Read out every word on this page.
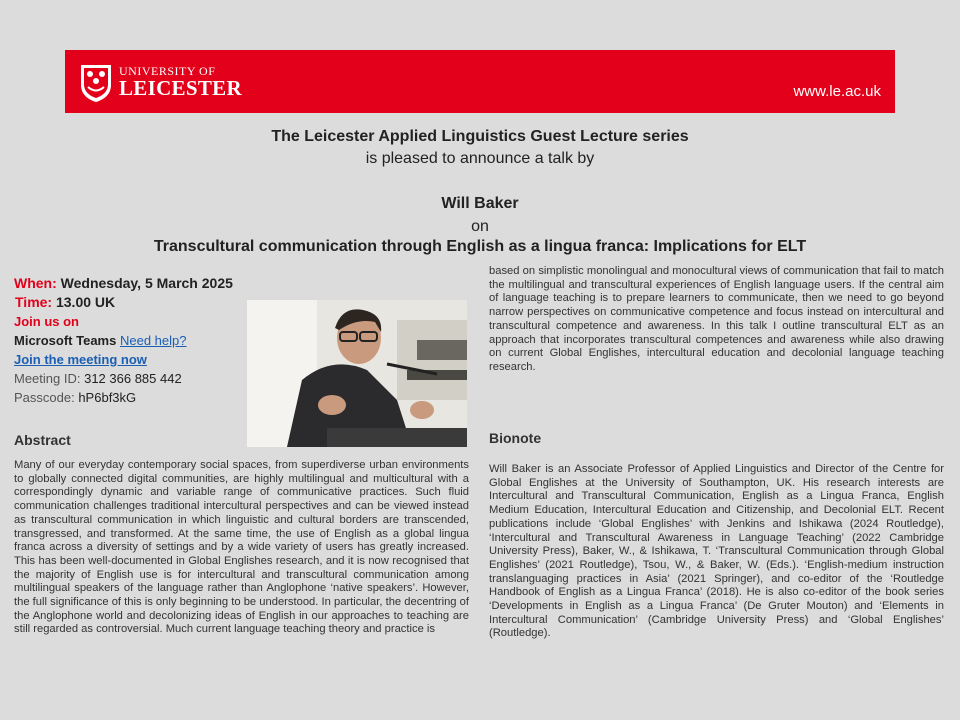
UNIVERSITY OF
LEICESTER	www.le.ac.uk
The Leicester Applied Linguistics Guest Lecture series
is pleased to announce a talk by
Will Baker
on
Transcultural communication through English as a lingua franca: Implications for ELT
When: Wednesday, 5 March 2025
Time: 13.00 UK
Join us on
Microsoft Teams Need help?
Join the meeting now
Meeting ID: 312 366 885 442
Passcode: hP6bf3kG
Abstract
Many of our everyday contemporary social spaces, from superdiverse urban environments to globally connected digital communities, are highly multilingual and multicultural with a correspondingly dynamic and variable range of communicative practices. Such fluid communication challenges traditional intercultural perspectives and can be viewed instead as transcultural communication in which linguistic and cultural borders are transcended, transgressed, and transformed. At the same time, the use of English as a global lingua franca across a diversity of settings and by a wide variety of users has greatly increased. This has been well-documented in Global Englishes research, and it is now recognised that the majority of English use is for intercultural and transcultural communication among multilingual speakers of the language rather than Anglophone ‘native speakers’. However, the full significance of this is only beginning to be understood. In particular, the decentring of the Anglophone world and decolonizing ideas of English in our approaches to teaching are still regarded as controversial. Much current language teaching theory and practice is
based on simplistic monolingual and monocultural views of communication that fail to match the multilingual and transcultural experiences of English language users. If the central aim of language teaching is to prepare learners to communicate, then we need to go beyond narrow perspectives on communicative competence and focus instead on intercultural and transcultural competence and awareness. In this talk I outline transcultural ELT as an approach that incorporates transcultural competences and awareness while also drawing on current Global Englishes, intercultural education and decolonial language teaching research.
Bionote
Will Baker is an Associate Professor of Applied Linguistics and Director of the Centre for Global Englishes at the University of Southampton, UK. His research interests are Intercultural and Transcultural Communication, English as a Lingua Franca, English Medium Education, Intercultural Education and Citizenship, and Decolonial ELT. Recent publications include ‘Global Englishes’ with Jenkins and Ishikawa (2024 Routledge), ‘Intercultural and Transcultural Awareness in Language Teaching’ (2022 Cambridge University Press), Baker, W., & Ishikawa, T. ‘Transcultural Communication through Global Englishes’ (2021 Routledge), Tsou, W., & Baker, W. (Eds.). ‘English-medium instruction translanguaging practices in Asia’ (2021 Springer), and co-editor of the ‘Routledge Handbook of English as a Lingua Franca’ (2018). He is also co-editor of the book series ‘Developments in English as a Lingua Franca’ (De Gruter Mouton) and ‘Elements in Intercultural Communication’ (Cambridge University Press) and ‘Global Englishes’ (Routledge).
